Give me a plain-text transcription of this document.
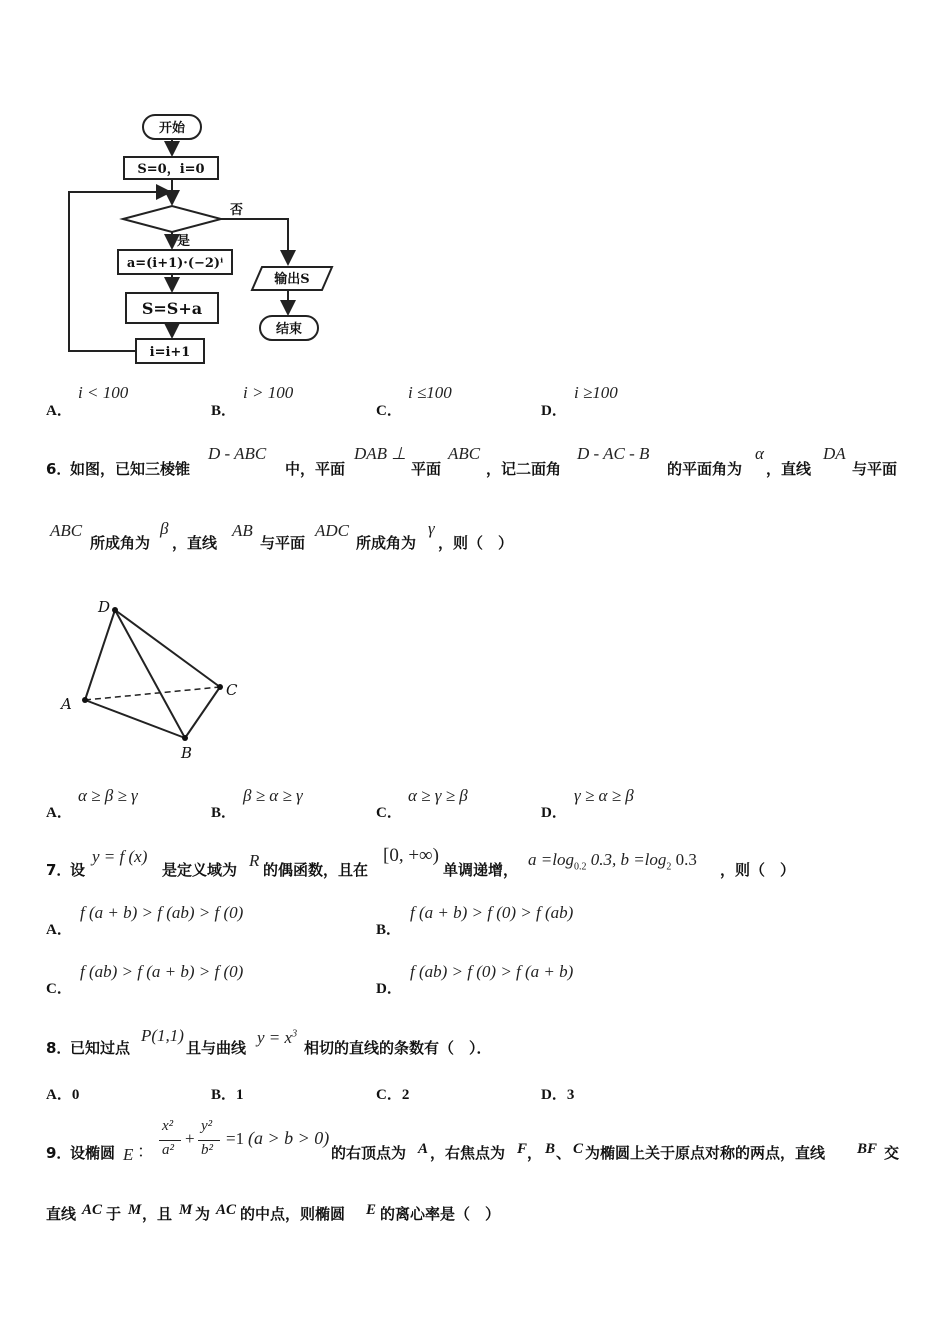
开始
S=0，i=0
否
是
a=(i+1)·(−2)ⁱ
S=S+a
i=i+1
输出S
结束
A．
i < 100
B．
i > 100
C．
i ≤100
D．
i ≥100
6．
如图，已知三棱锥
D - ABC
中，平面
DAB ⊥
平面
ABC
，记二面角
D - AC - B
的平面角为
α
，直线
DA
与平面
ABC
所成角为
β
，直线
AB
与平面
ADC
所成角为
γ
，则（　）
D
A
B
C
A．
α ≥ β ≥ γ
B．
β ≥ α ≥ γ
C．
α ≥ γ ≥ β
D．
γ ≥ α ≥ β
7．
设
y = f (x)
是定义域为 R 的偶函数，且在
[0, +∞)
单调递增，
$a =\log_{0.2}$ 0.3, $b =\log_2$ 0.3
，则（　）
A．
f (a + b) > f (ab) > f (0)
B．
f (a + b) > f (0) > f (ab)
C．
f (ab) > f (a + b) > f (0)
D．
f (ab) > f (0) > f (a + b)
8．
已知过点
P(1,1)
且与曲线
$y = x^3$
相切的直线的条数有（　）．
A．0	B．1	C．2	D．3
9．
设椭圆 E ：
x²
a²
+
y²
b²
=1 (a > b > 0)
的右顶点为 A ，右焦点为 F ， B 、 C 为椭圆上关于原点对称的两点，直线 BF 交
直线 AC 于 M ，且 M 为 AC 的中点，则椭圆 E 的离心率是（　）
